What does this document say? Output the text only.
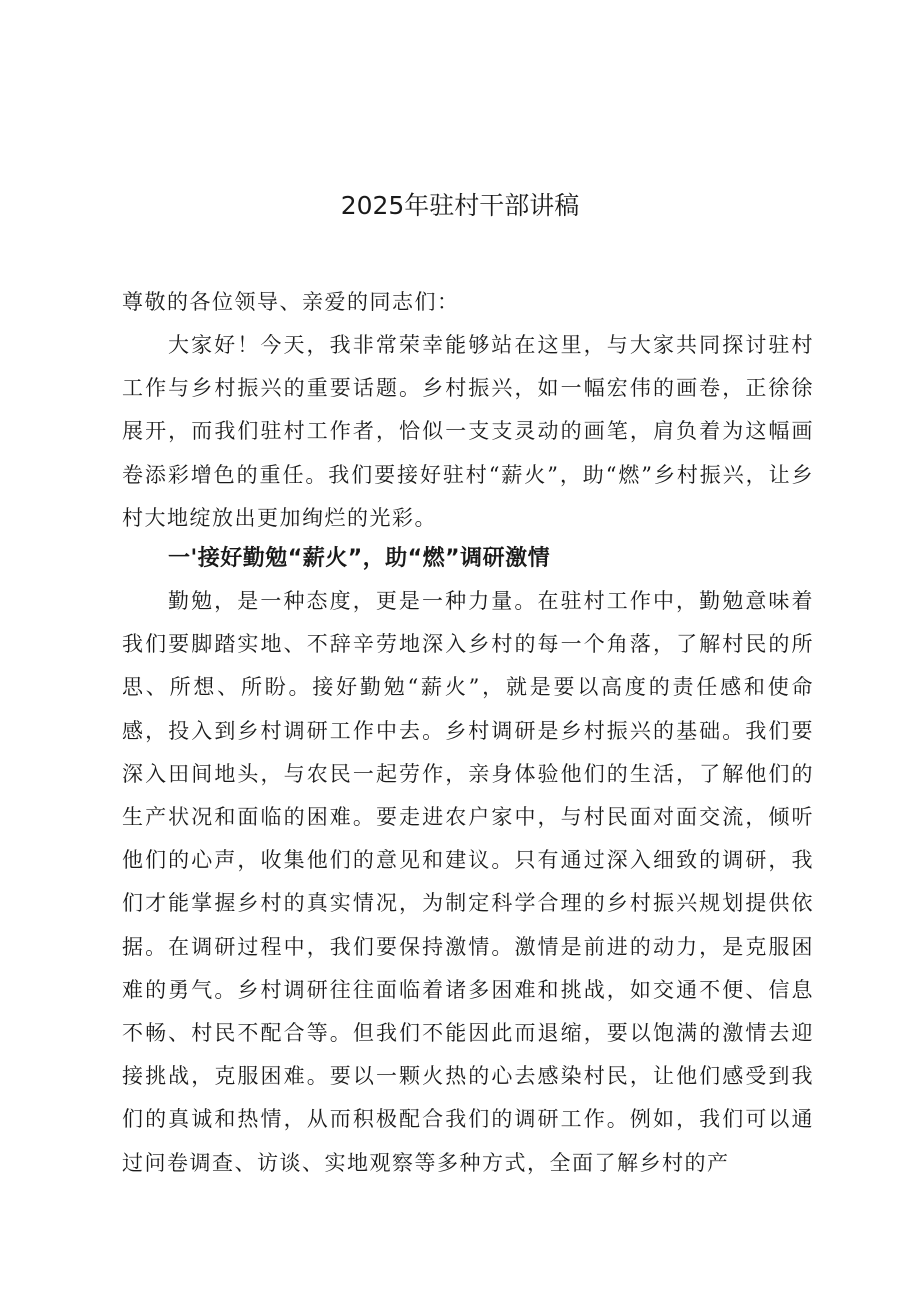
2025年驻村干部讲稿

尊敬的各位领导、亲爱的同志们：

大家好！今天，我非常荣幸能够站在这里，与大家共同探讨驻村工作与乡村振兴的重要话题。乡村振兴，如一幅宏伟的画卷，正徐徐展开，而我们驻村工作者，恰似一支支灵动的画笔，肩负着为这幅画卷添彩增色的重任。我们要接好驻村“薪火”，助“燃”乡村振兴，让乡村大地绽放出更加绚烂的光彩。

一'接好勤勉“薪火”，助“燃”调研激情

勤勉，是一种态度，更是一种力量。在驻村工作中，勤勉意味着我们要脚踏实地、不辞辛劳地深入乡村的每一个角落，了解村民的所思、所想、所盼。接好勤勉“薪火”，就是要以高度的责任感和使命感，投入到乡村调研工作中去。乡村调研是乡村振兴的基础。我们要深入田间地头，与农民一起劳作，亲身体验他们的生活，了解他们的生产状况和面临的困难。要走进农户家中，与村民面对面交流，倾听他们的心声，收集他们的意见和建议。只有通过深入细致的调研，我们才能掌握乡村的真实情况，为制定科学合理的乡村振兴规划提供依据。在调研过程中，我们要保持激情。激情是前进的动力，是克服困难的勇气。乡村调研往往面临着诸多困难和挑战，如交通不便、信息不畅、村民不配合等。但我们不能因此而退缩，要以饱满的激情去迎接挑战，克服困难。要以一颗火热的心去感染村民，让他们感受到我们的真诚和热情，从而积极配合我们的调研工作。例如，我们可以通过问卷调查、访谈、实地观察等多种方式，全面了解乡村的产
